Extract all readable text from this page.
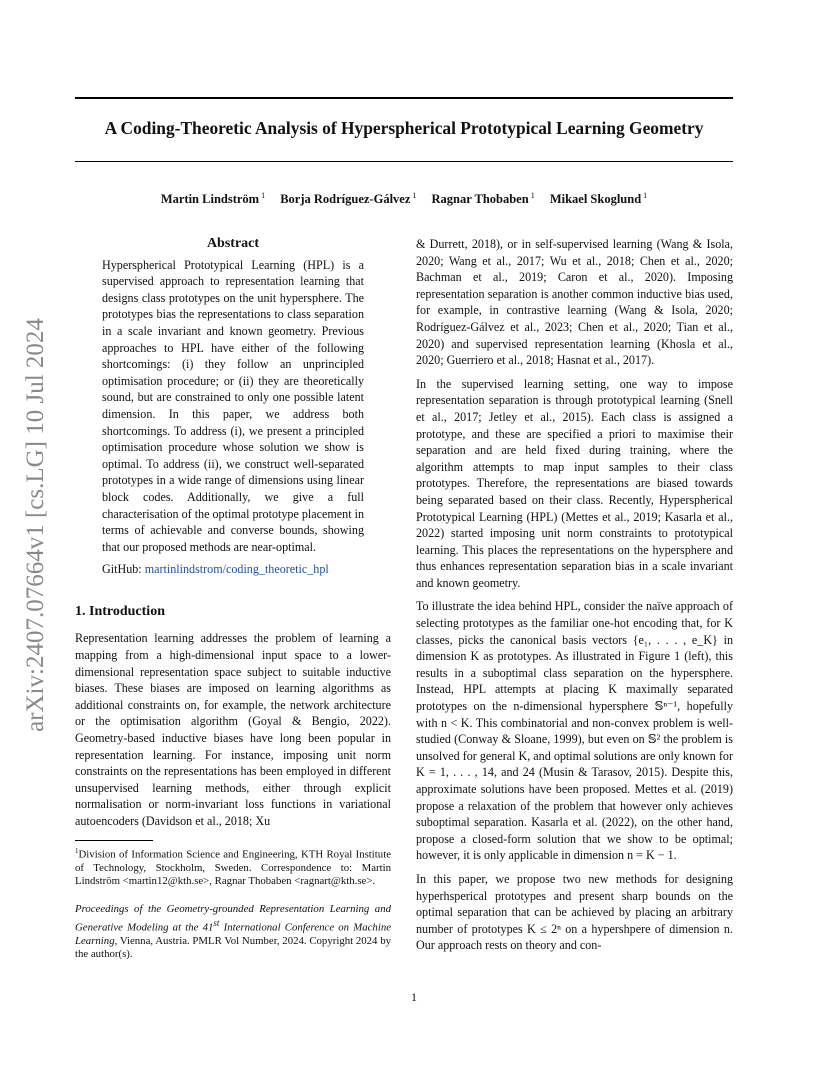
arXiv:2407.07664v1 [cs.LG] 10 Jul 2024
A Coding-Theoretic Analysis of Hyperspherical Prototypical Learning Geometry
Martin Lindström $^1$ Borja Rodríguez-Gálvez $^1$ Ragnar Thobaben $^1$ Mikael Skoglund $^1$
Abstract

Hyperspherical Prototypical Learning (HPL) is a supervised approach to representation learning that designs class prototypes on the unit hypersphere. The prototypes bias the representations to class separation in a scale invariant and known geometry. Previous approaches to HPL have either of the following shortcomings: (i) they follow an unprincipled optimisation procedure; or (ii) they are theoretically sound, but are constrained to only one possible latent dimension. In this paper, we address both shortcomings. To address (i), we present a principled optimisation procedure whose solution we show is optimal. To address (ii), we construct well-separated prototypes in a wide range of dimensions using linear block codes. Additionally, we give a full characterisation of the optimal prototype placement in terms of achievable and converse bounds, showing that our proposed methods are near-optimal.

GitHub: martinlindstrom/coding_theoretic_hpl
1. Introduction

Representation learning addresses the problem of learning a mapping from a high-dimensional input space to a lower-dimensional representation space subject to suitable inductive biases. These biases are imposed on learning algorithms as additional constraints on, for example, the network architecture or the optimisation algorithm (Goyal & Bengio, 2022). Geometry-based inductive biases have long been popular in representation learning. For instance, imposing unit norm constraints on the representations has been employed in different unsupervised learning methods, either through explicit normalisation or norm-invariant loss functions in variational autoencoders (Davidson et al., 2018; Xu

$^1$Division of Information Science and Engineering, KTH Royal Institute of Technology, Stockholm, Sweden. Correspondence to: Martin Lindström <martin12@kth.se>, Ragnar Thobaben <ragnart@kth.se>.
Proceedings of the Geometry-grounded Representation Learning and Generative Modeling at the 41st International Conference on Machine Learning, Vienna, Austria. PMLR Vol Number, 2024. Copyright 2024 by the author(s).

& Durrett, 2018), or in self-supervised learning (Wang & Isola, 2020; Wang et al., 2017; Wu et al., 2018; Chen et al., 2020; Bachman et al., 2019; Caron et al., 2020). Imposing representation separation is another common inductive bias used, for example, in contrastive learning (Wang & Isola, 2020; Rodríguez-Gálvez et al., 2023; Chen et al., 2020; Tian et al., 2020) and supervised representation learning (Khosla et al., 2020; Guerriero et al., 2018; Hasnat et al., 2017).

In the supervised learning setting, one way to impose representation separation is through prototypical learning (Snell et al., 2017; Jetley et al., 2015). Each class is assigned a prototype, and these are specified a priori to maximise their separation and are held fixed during training, where the algorithm attempts to map input samples to their class prototypes. Therefore, the representations are biased towards being separated based on their class. Recently, Hyperspherical Prototypical Learning (HPL) (Mettes et al., 2019; Kasarla et al., 2022) started imposing unit norm constraints to prototypical learning. This places the representations on the hypersphere and thus enhances representation separation bias in a scale invariant and known geometry.

To illustrate the idea behind HPL, consider the naïve approach of selecting prototypes as the familiar one-hot encoding that, for K classes, picks the canonical basis vectors {e₁, . . . , e_K} in dimension K as prototypes. As illustrated in Figure 1 (left), this results in a suboptimal class separation on the hypersphere. Instead, HPL attempts at placing K maximally separated prototypes on the n-dimensional hypersphere 𝕊ⁿ⁻¹, hopefully with n < K. This combinatorial and non-convex problem is well-studied (Conway & Sloane, 1999), but even on 𝕊² the problem is unsolved for general K, and optimal solutions are only known for K = 1, . . . , 14, and 24 (Musin & Tarasov, 2015). Despite this, approximate solutions have been proposed. Mettes et al. (2019) propose a relaxation of the problem that however only achieves suboptimal separation. Kasarla et al. (2022), on the other hand, propose a closed-form solution that we show to be optimal; however, it is only applicable in dimension n = K − 1.

In this paper, we propose two new methods for designing hyperhsperical prototypes and present sharp bounds on the optimal separation that can be achieved by placing an arbitrary number of prototypes K ≤ 2ⁿ on a hypershpere of dimension n. Our approach rests on theory and con-

1
